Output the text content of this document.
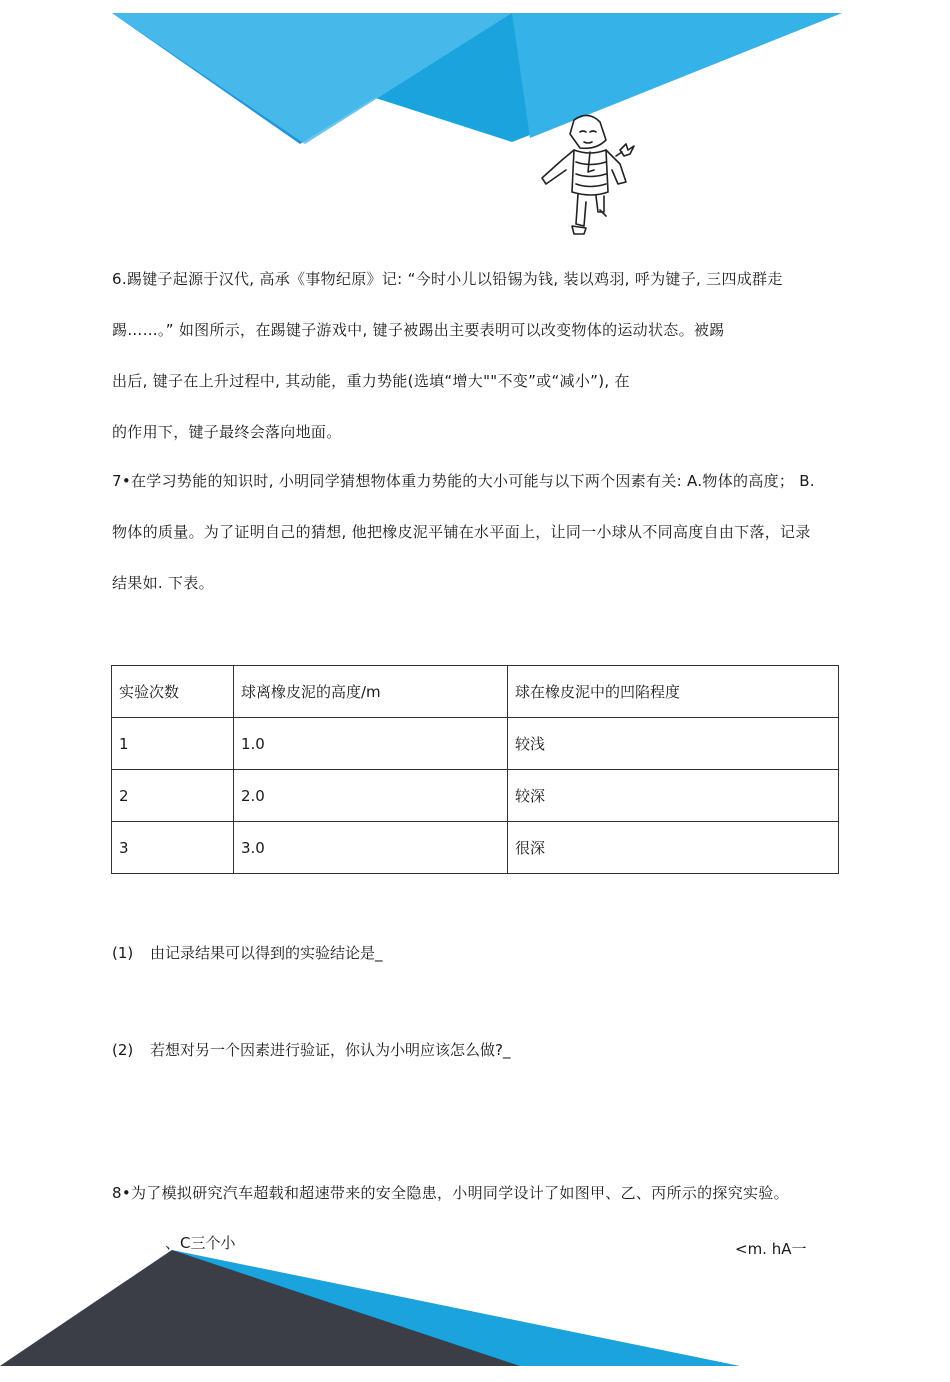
6.踢键子起源于汉代, 高承《事物纪原》记: “今时小儿以铅锡为钱, 装以鸡羽, 呼为键子, 三四成群走

踢……。” 如图所示，在踢键子游戏中, 键子被踢出主要表明可以改变物体的运动状态。被踢

出后, 键子在上升过程中, 其动能，重力势能(选填“增大""不变”或“减小”), 在

的作用下，键子最终会落向地面。

7•在学习势能的知识时, 小明同学猜想物体重力势能的大小可能与以下两个因素有关: A.物体的高度； B.

物体的质量。为了证明自己的猜想, 他把橡皮泥平铺在水平面上，让同一小球从不同高度自由下落，记录

结果如. 下表。

实验次数	球离橡皮泥的高度/m	球在橡皮泥中的凹陷程度
1	1.0	较浅
2	2.0	较深
3	3.0	很深
(1) 由记录结果可以得到的实验结论是_
(2) 若想对另一个因素进行验证，你认为小明应该怎么做?_

8•为了模拟研究汽车超载和超速带来的安全隐患，小明同学设计了如图甲、乙、丙所示的探究实验。

、C三个小	<m. hA一
